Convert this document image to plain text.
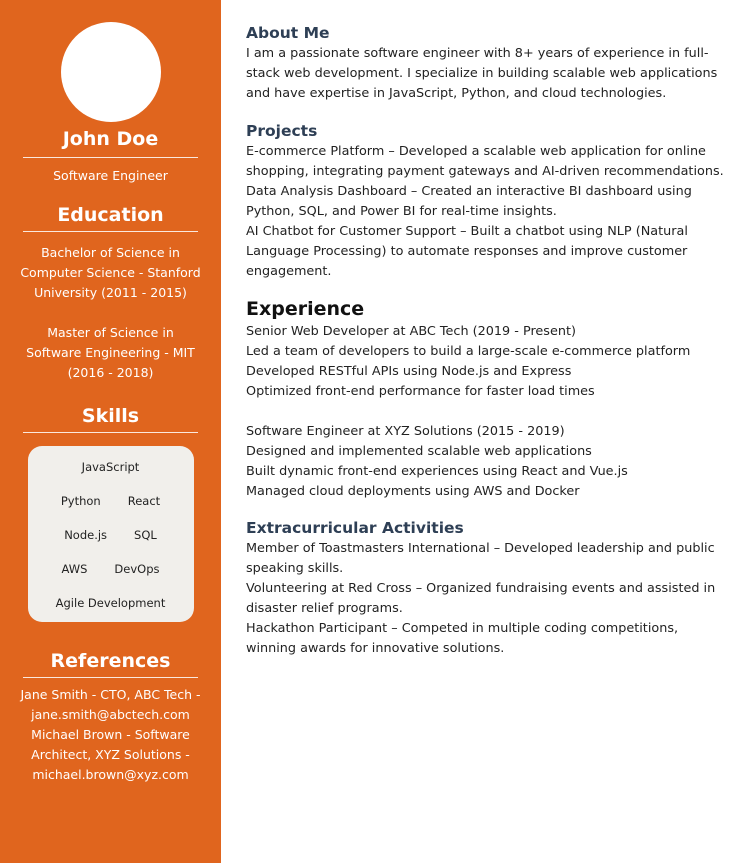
John Doe
Software Engineer
Education
Bachelor of Science in Computer Science - Stanford University (2011 - 2015)
Master of Science in Software Engineering - MIT (2016 - 2018)
Skills
JavaScript
Python React
Node.js SQL
AWS DevOps
Agile Development
References
Jane Smith - CTO, ABC Tech - jane.smith@abctech.com
Michael Brown - Software Architect, XYZ Solutions - michael.brown@xyz.com
About Me
I am a passionate software engineer with 8+ years of experience in full-stack web development. I specialize in building scalable web applications and have expertise in JavaScript, Python, and cloud technologies.
Projects
E-commerce Platform – Developed a scalable web application for online shopping, integrating payment gateways and AI-driven recommendations.
Data Analysis Dashboard – Created an interactive BI dashboard using Python, SQL, and Power BI for real-time insights.
AI Chatbot for Customer Support – Built a chatbot using NLP (Natural Language Processing) to automate responses and improve customer engagement.
Experience
Senior Web Developer at ABC Tech (2019 - Present)
Led a team of developers to build a large-scale e-commerce platform
Developed RESTful APIs using Node.js and Express
Optimized front-end performance for faster load times
Software Engineer at XYZ Solutions (2015 - 2019)
Designed and implemented scalable web applications
Built dynamic front-end experiences using React and Vue.js
Managed cloud deployments using AWS and Docker
Extracurricular Activities
Member of Toastmasters International – Developed leadership and public speaking skills.
Volunteering at Red Cross – Organized fundraising events and assisted in disaster relief programs.
Hackathon Participant – Competed in multiple coding competitions, winning awards for innovative solutions.
